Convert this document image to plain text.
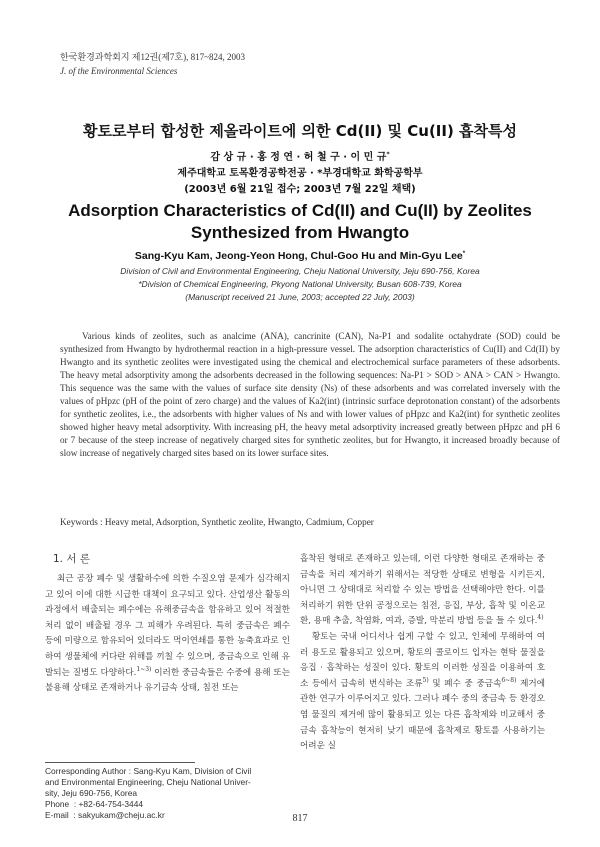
한국환경과학회지 제12권(제7호), 817~824, 2003
J. of the Environmental Sciences
황토로부터 합성한 제올라이트에 의한 Cd(II) 및 Cu(II) 흡착특성
감 상 규 · 홍 정 연 · 허 철 구 · 이 민 규*
제주대학교 토목환경공학전공 · *부경대학교 화학공학부
(2003년 6월 21일 접수; 2003년 7월 22일 채택)
Adsorption Characteristics of Cd(II) and Cu(II) by Zeolites
Synthesized from Hwangto
Sang-Kyu Kam, Jeong-Yeon Hong, Chul-Goo Hu and Min-Gyu Lee*
Division of Civil and Environmental Engineering, Cheju National University, Jeju 690-756, Korea
*Division of Chemical Engineering, Pkyong National University, Busan 608-739, Korea
(Manuscript received 21 June, 2003; accepted 22 July, 2003)

Various kinds of zeolites, such as analcime (ANA), cancrinite (CAN), Na-P1 and sodalite octahydrate (SOD) could be synthesized from Hwangto by hydrothermal reaction in a high-pressure vessel. The adsorption characteristics of Cu(II) and Cd(II) by Hwangto and its synthetic zeolites were investigated using the chemical and electrochemical surface parameters of these adsorbents. The heavy metal adsorptivity among the adsorbents decreased in the following sequences: Na-P1 > SOD > ANA > CAN > Hwangto. This sequence was the same with the values of surface site density (Ns) of these adsorbents and was correlated inversely with the values of pHpzc (pH of the point of zero charge) and the values of Ka2(int) (intrinsic surface deprotonation constant) of the adsorbents for synthetic zeolites, i.e., the adsorbents with higher values of Ns and with lower values of pHpzc and Ka2(int) for synthetic zeolites showed higher heavy metal adsorptivity. With increasing pH, the heavy metal adsorptivity increased greatly between pHpzc and pH 6 or 7 because of the steep increase of negatively charged sites for synthetic zeolites, but for Hwangto, it increased broadly because of slow increase of negatively charged sites based on its lower surface sites.

Keywords : Heavy metal, Adsorption, Synthetic zeolite, Hwangto, Cadmium, Copper
1. 서 론

최근 공장 폐수 및 생활하수에 의한 수질오염 문제가 심각해지고 있어 이에 대한 시급한 대책이 요구되고 있다. 산업생산 활동의 과정에서 배출되는 폐수에는 유해중금속을 함유하고 있어 적절한 처리 없이 배출될 경우 그 피해가 우려된다. 특히 중금속은 폐수 등에 미량으로 함유되어 있더라도 먹이연쇄를 통한 농축효과로 인하여 생물체에 커다란 위해를 끼칠 수 있으며, 중금속으로 인해 유발되는 질병도 다양하다.$^{1\sim 3)}$ 이러한 중금속들은 수중에 용해 또는 불용해 상태로 존재하거나 유기금속 상태, 침전 또는

흡착된 형태로 존재하고 있는데, 이런 다양한 형태로 존재하는 중금속을 처리 제거하기 위해서는 적당한 상태로 변형을 시키든지, 아니면 그 상태대로 처리할 수 있는 방법을 선택해야만 한다. 이를 처리하기 위한 단위 공정으로는 침전, 응집, 부상, 흡착 및 이온교환, 용매 추출, 착염화, 여과, 증발, 막분리 방법 등을 들 수 있다.$^{4)}$

황토는 국내 어디서나 쉽게 구할 수 있고, 인체에 무해하여 여러 용도로 활용되고 있으며, 황토의 콜로이드 입자는 현탁 물질을 응집 · 흡착하는 성질이 있다. 황토의 이러한 성질을 이용하여 호소 등에서 급속히 번식하는 조류$^{5)}$ 및 폐수 중 중금속$^{6\sim 8)}$ 제거에 관한 연구가 이루어지고 있다. 그러나 폐수 중의 중금속 등 환경오염 물질의 제거에 많이 활용되고 있는 다른 흡착제와 비교해서 중금속 흡착능이 현저히 낮기 때문에 흡착제로 황토를 사용하기는 어려운 실

Corresponding Author : Sang-Kyu Kam, Division of Civil
and Environmental Engineering, Cheju National Univer-
sity, Jeju 690-756, Korea
Phone  : +82-64-754-3444
E-mail  : sakyukam@cheju.ac.kr	817
